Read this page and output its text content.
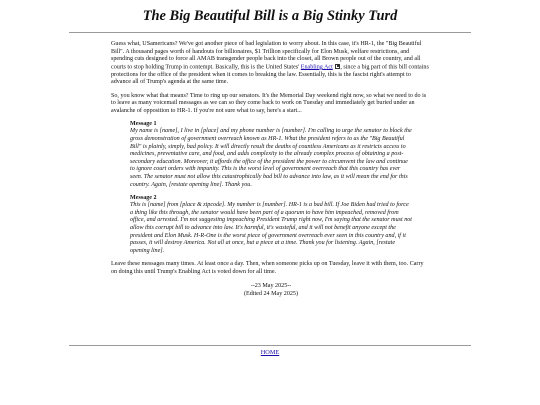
The Big Beautiful Bill is a Big Stinky Turd

Guess what, USamericans? We've got another piece of bad legislation to worry about. In this case, it's HR-1, the "Big Beautiful Bill". A thousand pages worth of handouts for billionaires, $1 Trillion specifically for Elon Musk, welfare restrictions, and spending cuts designed to force all AMAB transgender people back into the closet, all Brown people out of the country, and all courts to stop holding Trump in contempt. Basically, this is the United States' Enabling Act , since a big part of this bill contains protections for the office of the president when it comes to breaking the law. Essentially, this is the fascist right's attempt to advance all of Trump's agenda at the same time.

So, you know what that means? Time to ring up our senators. It's the Memorial Day weekend right now, so what we need to do is to leave as many voicemail messages as we can so they come back to work on Tuesday and immediately get buried under an avalanche of opposition to HR-1. If you're not sure what to say, here's a start...

Message 1

My name is [name], I live in [place] and my phone number is [number]. I'm calling to urge the senator to block the gross demonstration of government overreach known as HR-1. What the president refers to as the "Big Beautiful Bill" is plainly, simply, bad policy. It will directly result the deaths of countless Americans as it restricts access to medicines, preventative care, and food, and adds complexity to the already complex process of obtaining a post-secondary education. Moreover, it affords the office of the president the power to circumvent the law and continue to ignore court orders with impunity. This is the worst level of government overreach that this country has ever seen. The senator must not allow this catastrophically bad bill to advance into law, as it will mean the end for this country. Again, [restate opening line]. Thank you.

Message 2

This is [name] from [place & zipcode]. My number is [number]. HR-1 is a bad bill. If Joe Biden had tried to force a thing like this through, the senator would have been part of a quorum to have him impeached, removed from office, and arrested. I'm not suggesting impeaching President Trump right now, I'm saying that the senator must not allow this corrupt bill to advance into law. It's harmful, it's wasteful, and it will not benefit anyone except the president and Elon Musk. H-R-One is the worst piece of government overreach ever seen in this country and, if it passes, it will destroy America. Not all at once, but a piece at a time. Thank you for listening. Again, [restate opening line].

Leave these messages many times. At least once a day. Then, when someone picks up on Tuesday, leave it with them, too. Carry on doing this until Trump's Enabling Act is voted down for all time.

--23 May 2025--
(Edited 24 May 2025)
HOME
